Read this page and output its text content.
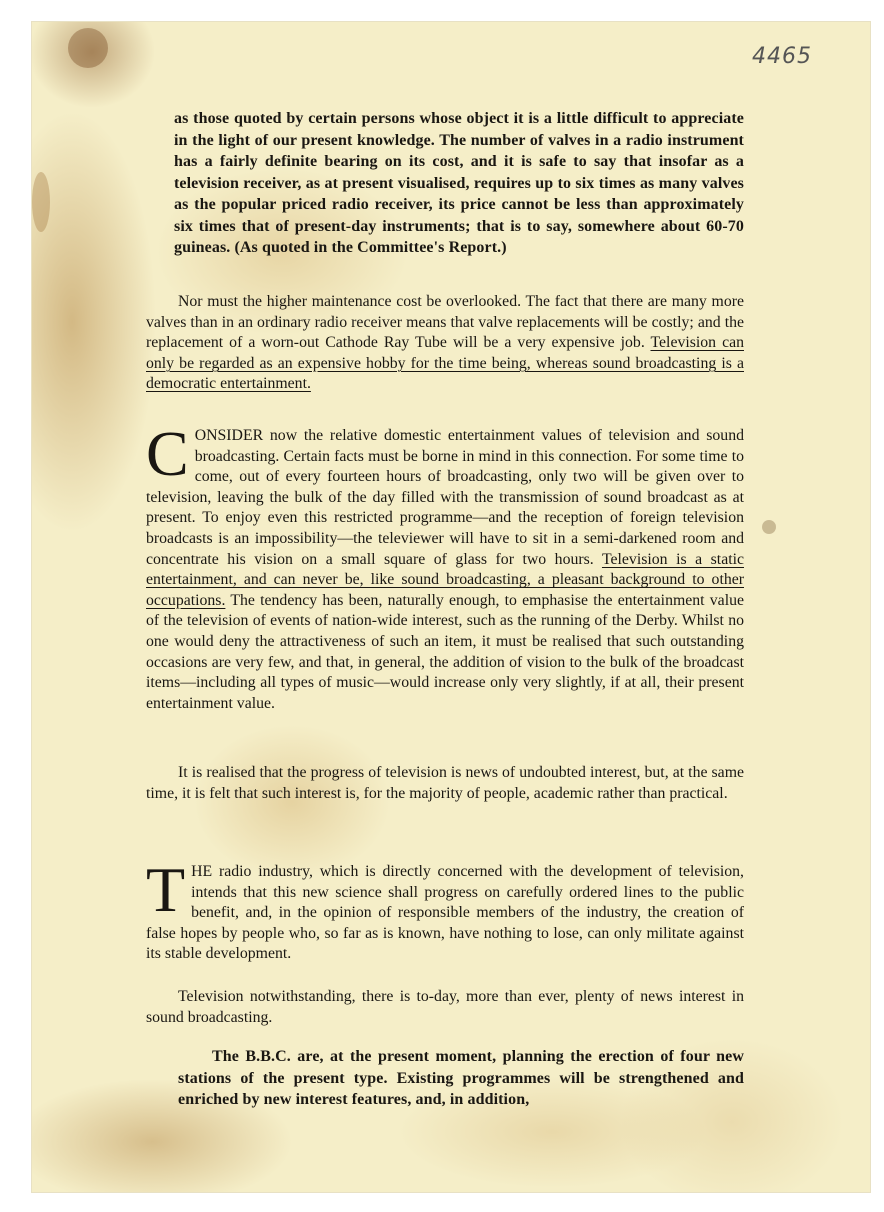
4465

as those quoted by certain persons whose object it is a little difficult to appreciate in the light of our present knowledge. The number of valves in a radio instrument has a fairly definite bearing on its cost, and it is safe to say that insofar as a television receiver, as at present visualised, requires up to six times as many valves as the popular priced radio receiver, its price cannot be less than approximately six times that of present-day instruments; that is to say, somewhere about 60-70 guineas. (As quoted in the Committee's Report.)

Nor must the higher maintenance cost be overlooked. The fact that there are many more valves than in an ordinary radio receiver means that valve replacements will be costly; and the replacement of a worn-out Cathode Ray Tube will be a very expensive job. Television can only be regarded as an expensive hobby for the time being, whereas sound broadcasting is a democratic entertainment.

CONSIDER now the relative domestic entertainment values of television and sound broadcasting. Certain facts must be borne in mind in this connection. For some time to come, out of every fourteen hours of broadcasting, only two will be given over to television, leaving the bulk of the day filled with the transmission of sound broadcast as at present. To enjoy even this restricted programme—and the reception of foreign television broadcasts is an impossibility—the televiewer will have to sit in a semi-darkened room and concentrate his vision on a small square of glass for two hours. Television is a static entertainment, and can never be, like sound broadcasting, a pleasant background to other occupations. The tendency has been, naturally enough, to emphasise the entertainment value of the television of events of nation-wide interest, such as the running of the Derby. Whilst no one would deny the attractiveness of such an item, it must be realised that such outstanding occasions are very few, and that, in general, the addition of vision to the bulk of the broadcast items—including all types of music—would increase only very slightly, if at all, their present entertainment value.

It is realised that the progress of television is news of undoubted interest, but, at the same time, it is felt that such interest is, for the majority of people, academic rather than practical.

THE radio industry, which is directly concerned with the development of television, intends that this new science shall progress on carefully ordered lines to the public benefit, and, in the opinion of responsible members of the industry, the creation of false hopes by people who, so far as is known, have nothing to lose, can only militate against its stable development.

Television notwithstanding, there is to-day, more than ever, plenty of news interest in sound broadcasting.

The B.B.C. are, at the present moment, planning the erection of four new stations of the present type. Existing programmes will be strengthened and enriched by new interest features, and, in addition,
